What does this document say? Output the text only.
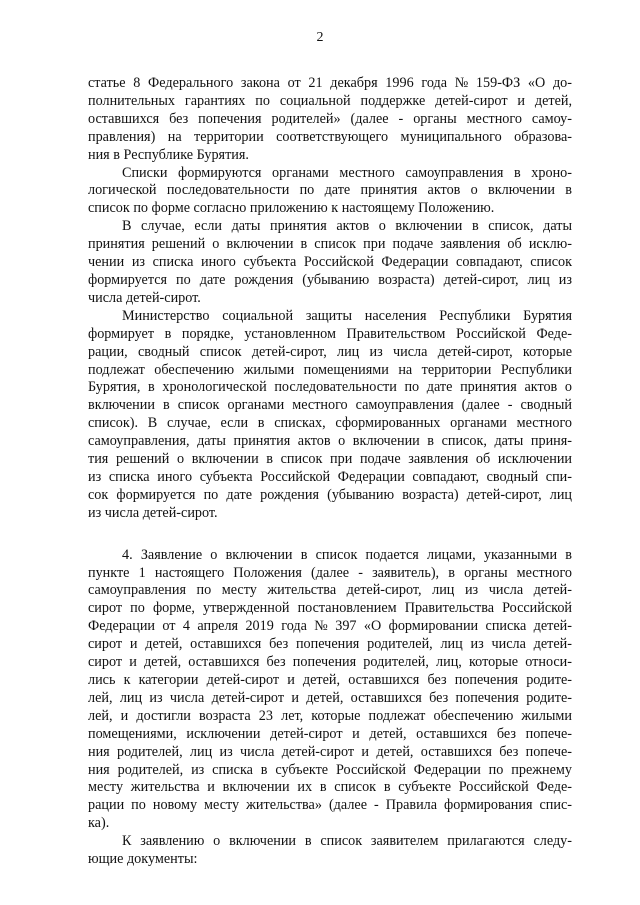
2
статье 8 Федерального закона от 21 декабря 1996 года № 159-ФЗ «О до-
полнительных гарантиях по социальной поддержке детей-сирот и детей,
оставшихся без попечения родителей» (далее - органы местного самоу-
правления) на территории соответствующего муниципального образова-
ния в Республике Бурятия.
Списки формируются органами местного самоуправления в хроно-
логической последовательности по дате принятия актов о включении в
список по форме согласно приложению к настоящему Положению.
В случае, если даты принятия актов о включении в список, даты
принятия решений о включении в список при подаче заявления об исклю-
чении из списка иного субъекта Российской Федерации совпадают, список
формируется по дате рождения (убыванию возраста) детей-сирот, лиц из
числа детей-сирот.
Министерство социальной защиты населения Республики Бурятия
формирует в порядке, установленном Правительством Российской Феде-
рации, сводный список детей-сирот, лиц из числа детей-сирот, которые
подлежат обеспечению жилыми помещениями на территории Республики
Бурятия, в хронологической последовательности по дате принятия актов о
включении в список органами местного самоуправления (далее - сводный
список). В случае, если в списках, сформированных органами местного
самоуправления, даты принятия актов о включении в список, даты приня-
тия решений о включении в список при подаче заявления об исключении
из списка иного субъекта Российской Федерации совпадают, сводный спи-
сок формируется по дате рождения (убыванию возраста) детей-сирот, лиц
из числа детей-сирот.
4. Заявление о включении в список подается лицами, указанными в
пункте 1 настоящего Положения (далее - заявитель), в органы местного
самоуправления по месту жительства детей-сирот, лиц из числа детей-
сирот по форме, утвержденной постановлением Правительства Российской
Федерации от 4 апреля 2019 года № 397 «О формировании списка детей-
сирот и детей, оставшихся без попечения родителей, лиц из числа детей-
сирот и детей, оставшихся без попечения родителей, лиц, которые относи-
лись к категории детей-сирот и детей, оставшихся без попечения родите-
лей, лиц из числа детей-сирот и детей, оставшихся без попечения родите-
лей, и достигли возраста 23 лет, которые подлежат обеспечению жилыми
помещениями, исключении детей-сирот и детей, оставшихся без попече-
ния родителей, лиц из числа детей-сирот и детей, оставшихся без попече-
ния родителей, из списка в субъекте Российской Федерации по прежнему
месту жительства и включении их в список в субъекте Российской Феде-
рации по новому месту жительства» (далее - Правила формирования спис-
ка).
К заявлению о включении в список заявителем прилагаются следу-
ющие документы:
